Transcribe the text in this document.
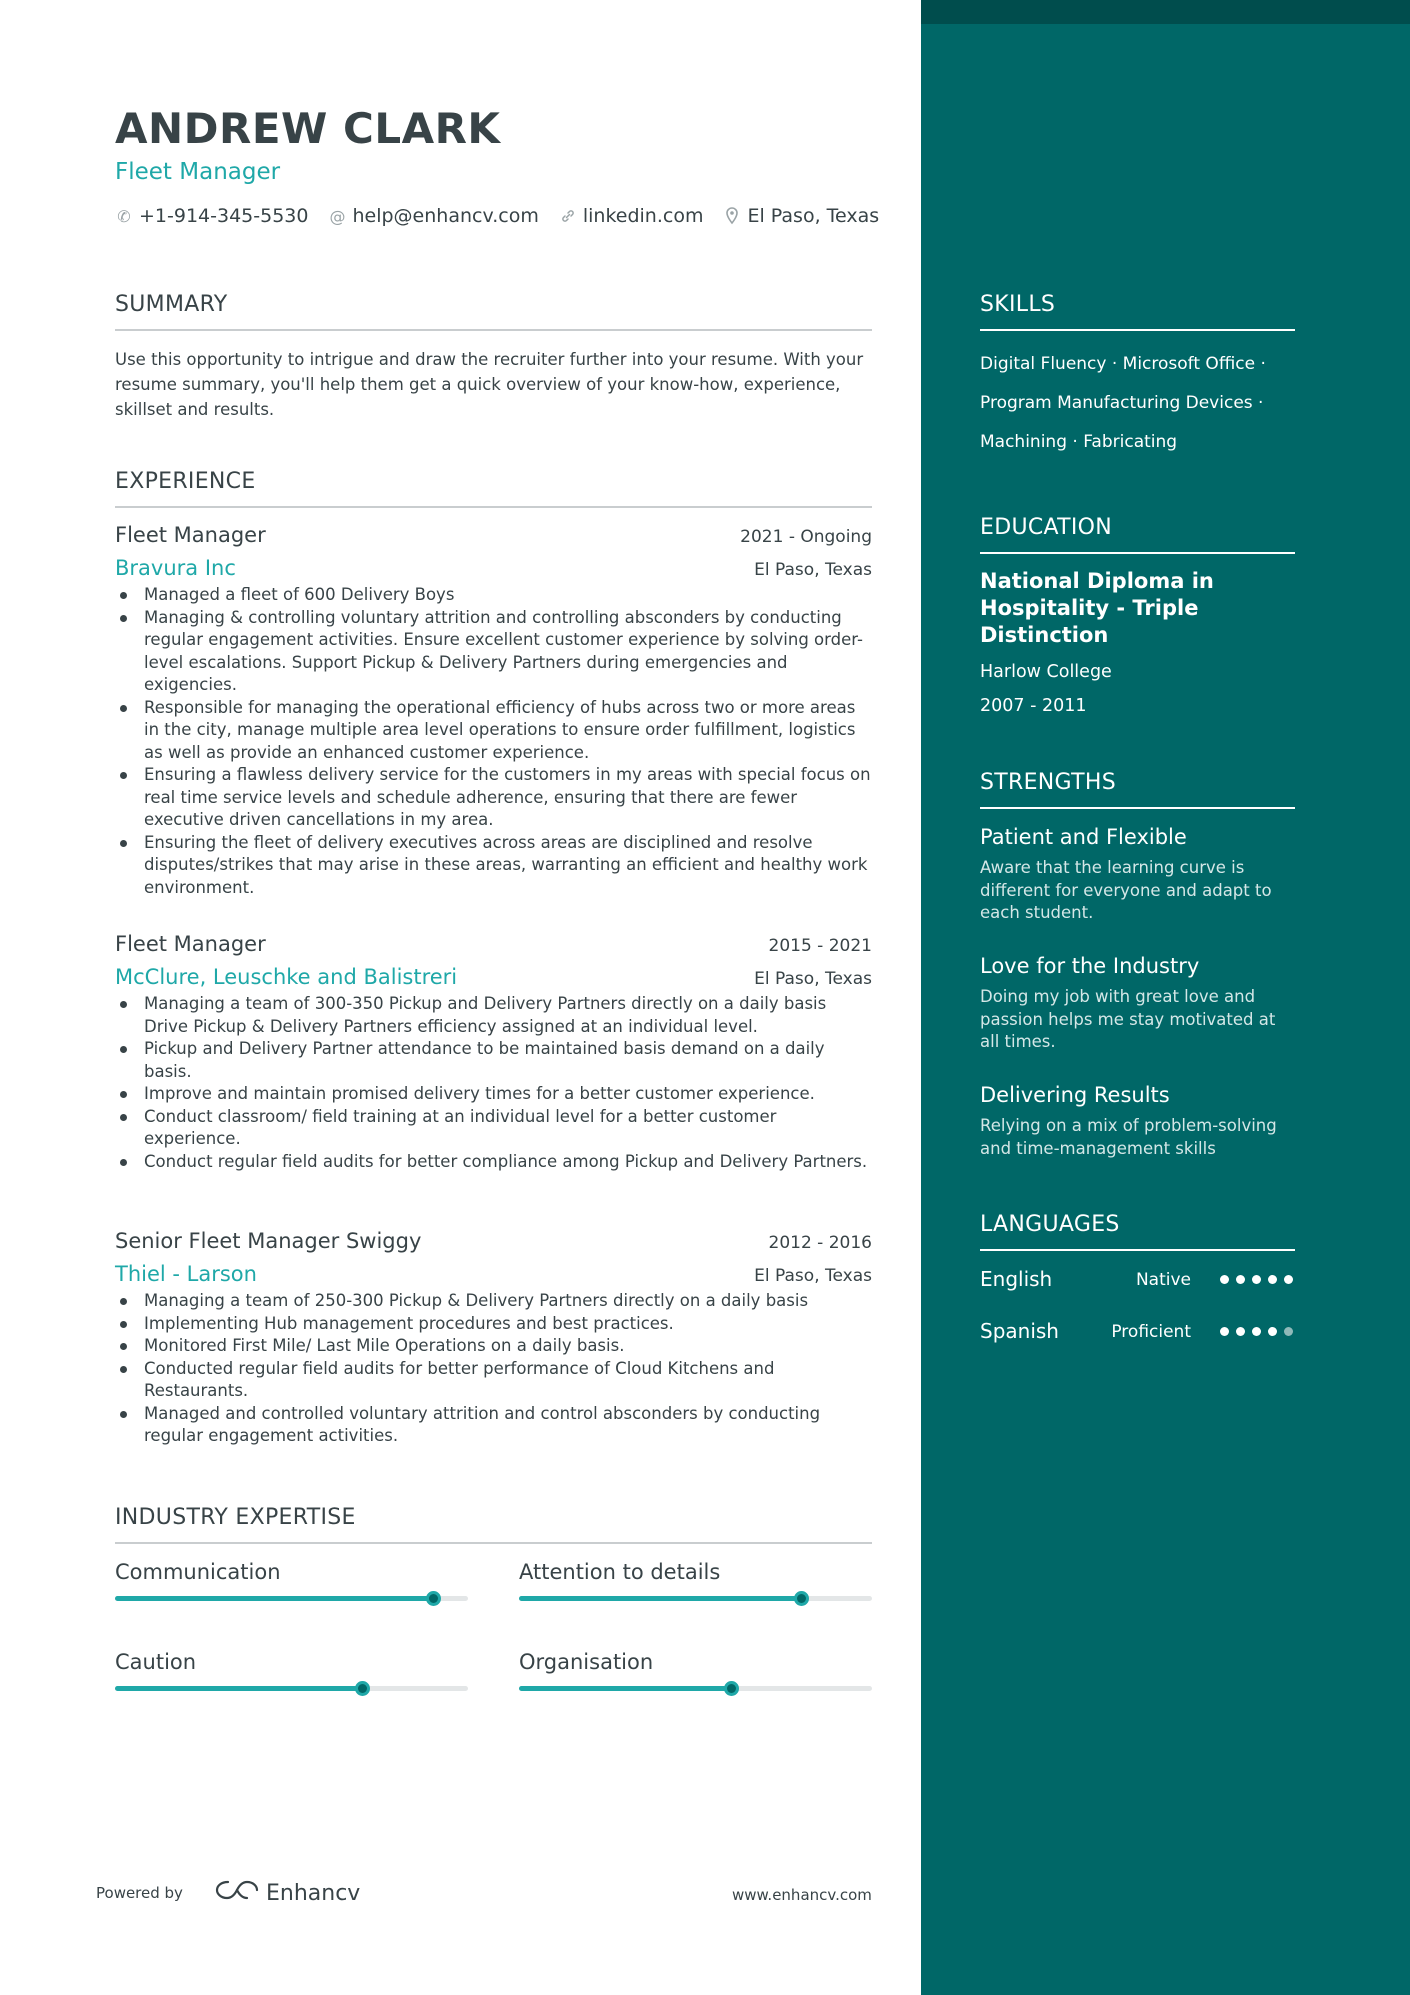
ANDREW CLARK
Fleet Manager
✆ +1-914-345-5530 @ help@enhancv.com linkedin.com El Paso, Texas
SUMMARY
Use this opportunity to intrigue and draw the recruiter further into your resume. With your resume summary, you'll help them get a quick overview of your know-how, experience, skillset and results.
EXPERIENCE
Fleet Manager	2021 - Ongoing
Bravura Inc	El Paso, Texas
Managed a fleet of 600 Delivery Boys
Managing & controlling voluntary attrition and controlling absconders by conducting regular engagement activities. Ensure excellent customer experience by solving order-level escalations. Support Pickup & Delivery Partners during emergencies and exigencies.
Responsible for managing the operational efficiency of hubs across two or more areas in the city, manage multiple area level operations to ensure order fulfillment, logistics as well as provide an enhanced customer experience.
Ensuring a flawless delivery service for the customers in my areas with special focus on real time service levels and schedule adherence, ensuring that there are fewer executive driven cancellations in my area.
Ensuring the fleet of delivery executives across areas are disciplined and resolve disputes/strikes that may arise in these areas, warranting an efficient and healthy work environment.
Fleet Manager	2015 - 2021
McClure, Leuschke and Balistreri	El Paso, Texas
Managing a team of 300-350 Pickup and Delivery Partners directly on a daily basis Drive Pickup & Delivery Partners efficiency assigned at an individual level.
Pickup and Delivery Partner attendance to be maintained basis demand on a daily basis.
Improve and maintain promised delivery times for a better customer experience.
Conduct classroom/ field training at an individual level for a better customer experience.
Conduct regular field audits for better compliance among Pickup and Delivery Partners.
Senior Fleet Manager Swiggy	2012 - 2016
Thiel - Larson	El Paso, Texas
Managing a team of 250-300 Pickup & Delivery Partners directly on a daily basis
Implementing Hub management procedures and best practices.
Monitored First Mile/ Last Mile Operations on a daily basis.
Conducted regular field audits for better performance of Cloud Kitchens and Restaurants.
Managed and controlled voluntary attrition and control absconders by conducting regular engagement activities.
INDUSTRY EXPERTISE
Communication	Attention to details
Caution	Organisation
Powered by	Enhancv	www.enhancv.com
SKILLS
Digital Fluency · Microsoft Office ·
Program Manufacturing Devices ·
Machining · Fabricating
EDUCATION
National Diploma in Hospitality - Triple Distinction
Harlow College
2007 - 2011
STRENGTHS
Patient and Flexible
Aware that the learning curve is different for everyone and adapt to each student.
Love for the Industry
Doing my job with great love and passion helps me stay motivated at all times.
Delivering Results
Relying on a mix of problem-solving and time-management skills
LANGUAGES
English	Native
Spanish	Proficient
